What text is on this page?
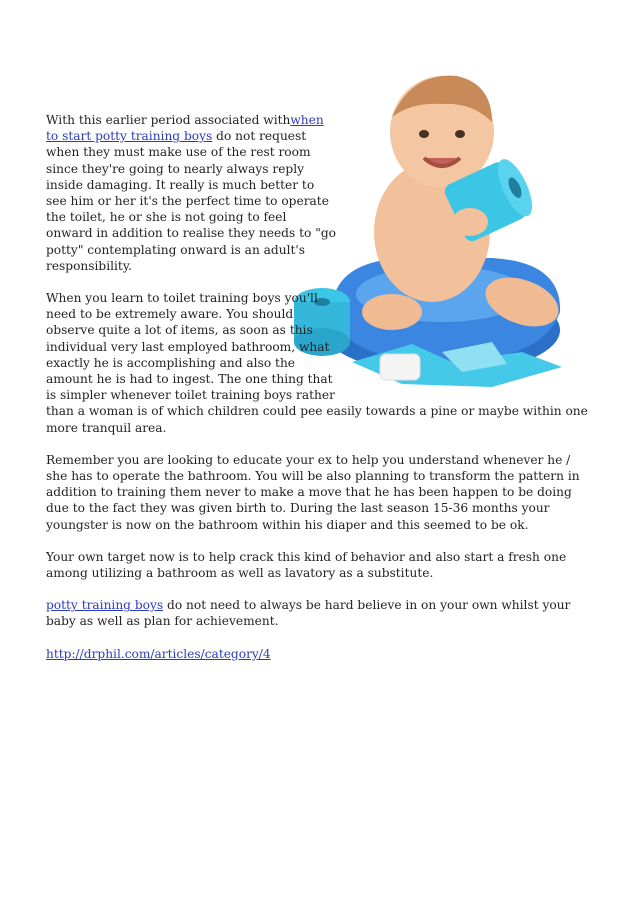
With this earlier period associated withwhen to start potty training boys do not request when they must make use of the rest room since they're going to nearly always reply inside damaging. It really is much better to see him or her it's the perfect time to operate the toilet, he or she is not going to feel onward in addition to realise they needs to "go potty" contemplating onward is an adult's responsibility.

When you learn to toilet training boys you'll need to be extremely aware. You should observe quite a lot of items, as soon as this individual very last employed bathroom, what exactly he is accomplishing and also the amount he is had to ingest. The one thing that is simpler whenever toilet training boys rather than a woman is of which children could pee easily towards a pine or maybe within one more tranquil area.

Remember you are looking to educate your ex to help you understand whenever he / she has to operate the bathroom. You will be also planning to transform the pattern in addition to training them never to make a move that he has been happen to be doing due to the fact they was given birth to. During the last season 15-36 months your youngster is now on the bathroom within his diaper and this seemed to be ok.

Your own target now is to help crack this kind of behavior and also start a fresh one among utilizing a bathroom as well as lavatory as a substitute.

potty training boys do not need to always be hard believe in on your own whilst your baby as well as plan for achievement.

http://drphil.com/articles/category/4
